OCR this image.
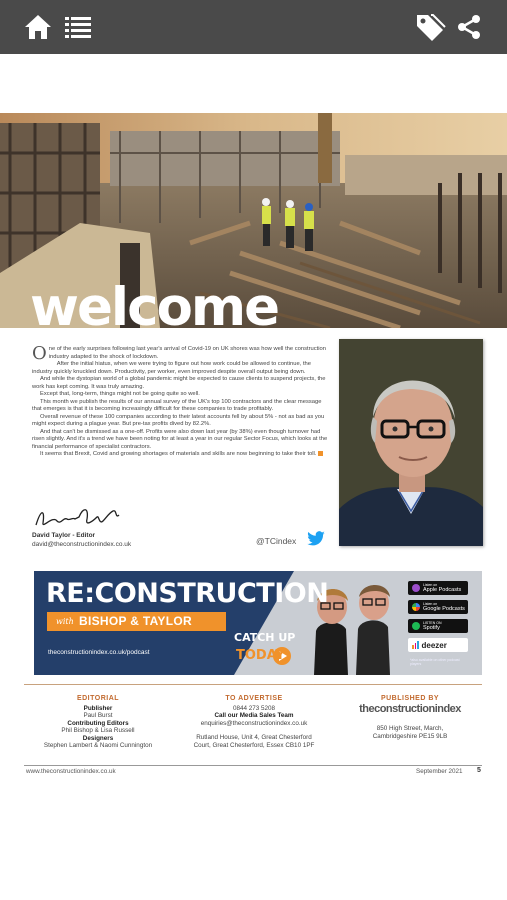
welcome

One of the early surprises following last year's arrival of Covid-19 on UK shores was how well the construction industry adapted to the shock of lockdown.

After the initial hiatus, when we were trying to figure out how work could be allowed to continue, the industry quickly knuckled down. Productivity, per worker, even improved despite overall output being down.

And while the dystopian world of a global pandemic might be expected to cause clients to suspend projects, the work has kept coming. It was truly amazing.

Except that, long-term, things might not be going quite so well.

This month we publish the results of our annual survey of the UK's top 100 contractors and the clear message that emerges is that it is becoming increasingly difficult for these companies to trade profitably.

Overall revenue of these 100 companies according to their latest accounts fell by about 5% - not as bad as you might expect during a plague year. But pre-tax profits dived by 82.2%.

And that can't be dismissed as a one-off. Profits were also down last year (by 38%) even though turnover had risen slightly. And it's a trend we have been noting for at least a year in our regular Sector Focus, which looks at the financial performance of specialist contractors.

It seems that Brexit, Covid and growing shortages of materials and skills are now beginning to take their toll.

David Taylor - Editor
david@theconstructionindex.co.uk	@TCindex
RE:CONSTRUCTION
with BISHOP & TAYLOR
theconstructionindex.co.uk/podcast
CATCH UP
TODAY
Listen on
Apple Podcasts
Listen on
Google Podcasts
LISTEN ON
Spotify
deezer
*also available on other podcast players
EDITORIAL
Publisher
Paul Burst
Contributing Editors
Phil Bishop & Lisa Russell
Designers
Stephen Lambert & Naomi Cunnington
TO ADVERTISE
0844 273 5208
Call our Media Sales Team
enquiries@theconstructionindex.co.uk
Rutland House, Unit 4, Great Chesterford
Court, Great Chesterford, Essex CB10 1PF
PUBLISHED BY
theconstructionindex
850 High Street, March,
Cambridgeshire PE15 9LB
www.theconstructionindex.co.uk	September 2021 5
